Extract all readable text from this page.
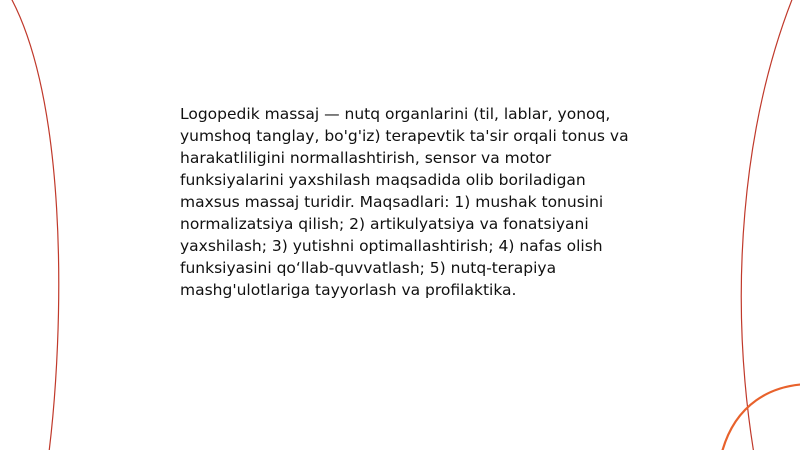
Logopedik massaj — nutq organlarini (til, lablar, yonoq, yumshoq tanglay, bo'g'iz) terapevtik ta'sir orqali tonus va harakatliligini normallashtirish, sensor va motor funksiyalarini yaxshilash maqsadida olib boriladigan maxsus massaj turidir. Maqsadlari: 1) mushak tonusini normalizatsiya qilish; 2) artikulyatsiya va fonatsiyani yaxshilash; 3) yutishni optimallashtirish; 4) nafas olish funksiyasini qo‘llab-quvvatlash; 5) nutq-terapiya mashg'ulotlariga tayyorlash va profilaktika.
